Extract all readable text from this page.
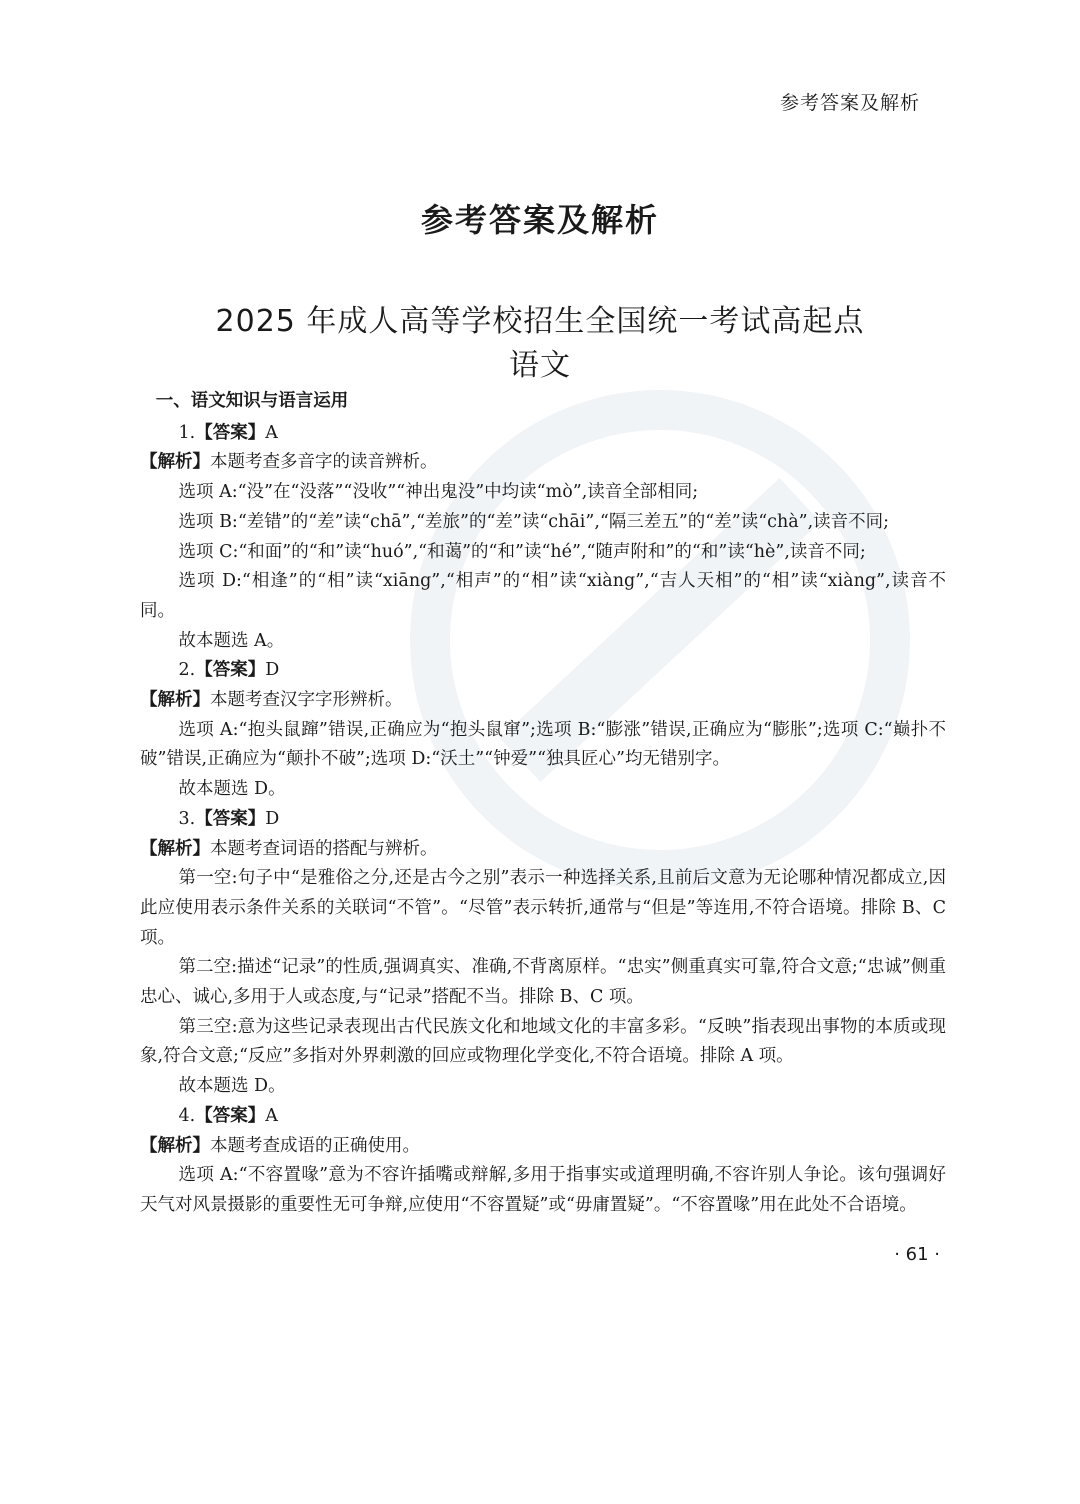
参考答案及解析
参考答案及解析
2025 年成人高等学校招生全国统一考试高起点
语文

一、语文知识与语言运用

1.【答案】A

【解析】本题考查多音字的读音辨析。

选项 A:“没”在“没落”“没收”“神出鬼没”中均读“mò”,读音全部相同;

选项 B:“差错”的“差”读“chā”,“差旅”的“差”读“chāi”,“隔三差五”的“差”读“chà”,读音不同;

选项 C:“和面”的“和”读“huó”,“和蔼”的“和”读“hé”,“随声附和”的“和”读“hè”,读音不同;

选项 D:“相逢”的“相”读“xiāng”,“相声”的“相”读“xiàng”,“吉人天相”的“相”读“xiàng”,读音不同。

故本题选 A。

2.【答案】D

【解析】本题考查汉字字形辨析。

选项 A:“抱头鼠蹿”错误,正确应为“抱头鼠窜”;选项 B:“膨涨”错误,正确应为“膨胀”;选项 C:“巅扑不破”错误,正确应为“颠扑不破”;选项 D:“沃土”“钟爱”“独具匠心”均无错别字。

故本题选 D。

3.【答案】D

【解析】本题考查词语的搭配与辨析。

第一空:句子中“是雅俗之分,还是古今之别”表示一种选择关系,且前后文意为无论哪种情况都成立,因此应使用表示条件关系的关联词“不管”。“尽管”表示转折,通常与“但是”等连用,不符合语境。排除 B、C 项。

第二空:描述“记录”的性质,强调真实、准确,不背离原样。“忠实”侧重真实可靠,符合文意;“忠诚”侧重忠心、诚心,多用于人或态度,与“记录”搭配不当。排除 B、C 项。

第三空:意为这些记录表现出古代民族文化和地域文化的丰富多彩。“反映”指表现出事物的本质或现象,符合文意;“反应”多指对外界刺激的回应或物理化学变化,不符合语境。排除 A 项。

故本题选 D。

4.【答案】A

【解析】本题考查成语的正确使用。

选项 A:“不容置喙”意为不容许插嘴或辩解,多用于指事实或道理明确,不容许别人争论。该句强调好天气对风景摄影的重要性无可争辩,应使用“不容置疑”或“毋庸置疑”。“不容置喙”用在此处不合语境。

· 61 ·
